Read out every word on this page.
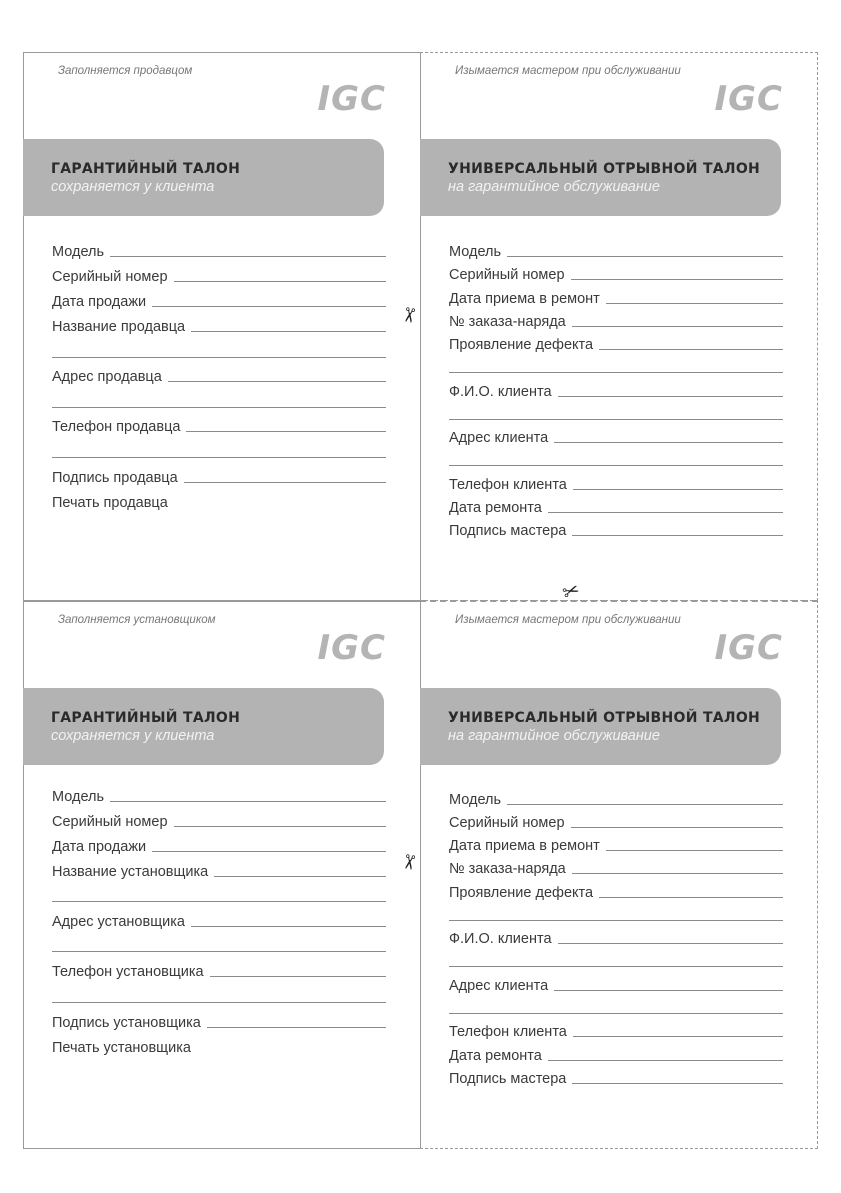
Заполняется продавцом
IGC
ГАРАНТИЙНЫЙ ТАЛОН
сохраняется у клиента
Модель
Серийный номер
Дата продажи
Название продавца
Адрес продавца
Телефон продавца
Подпись продавца
Печать продавца
Изымается мастером при обслуживании
IGC
УНИВЕРСАЛЬНЫЙ ОТРЫВНОЙ ТАЛОН
на гарантийное обслуживание
Модель
Серийный номер
Дата приема в ремонт
№ заказа-наряда
Проявление дефекта
Ф.И.О. клиента
Адрес клиента
Телефон клиента
Дата ремонта
Подпись мастера
Заполняется установщиком
IGC
ГАРАНТИЙНЫЙ ТАЛОН
сохраняется у клиента
Модель
Серийный номер
Дата продажи
Название установщика
Адрес установщика
Телефон установщика
Подпись установщика
Печать установщика
Изымается мастером при обслуживании
IGC
УНИВЕРСАЛЬНЫЙ ОТРЫВНОЙ ТАЛОН
на гарантийное обслуживание
Модель
Серийный номер
Дата приема в ремонт
№ заказа-наряда
Проявление дефекта
Ф.И.О. клиента
Адрес клиента
Телефон клиента
Дата ремонта
Подпись мастера
✂
✂
✂
